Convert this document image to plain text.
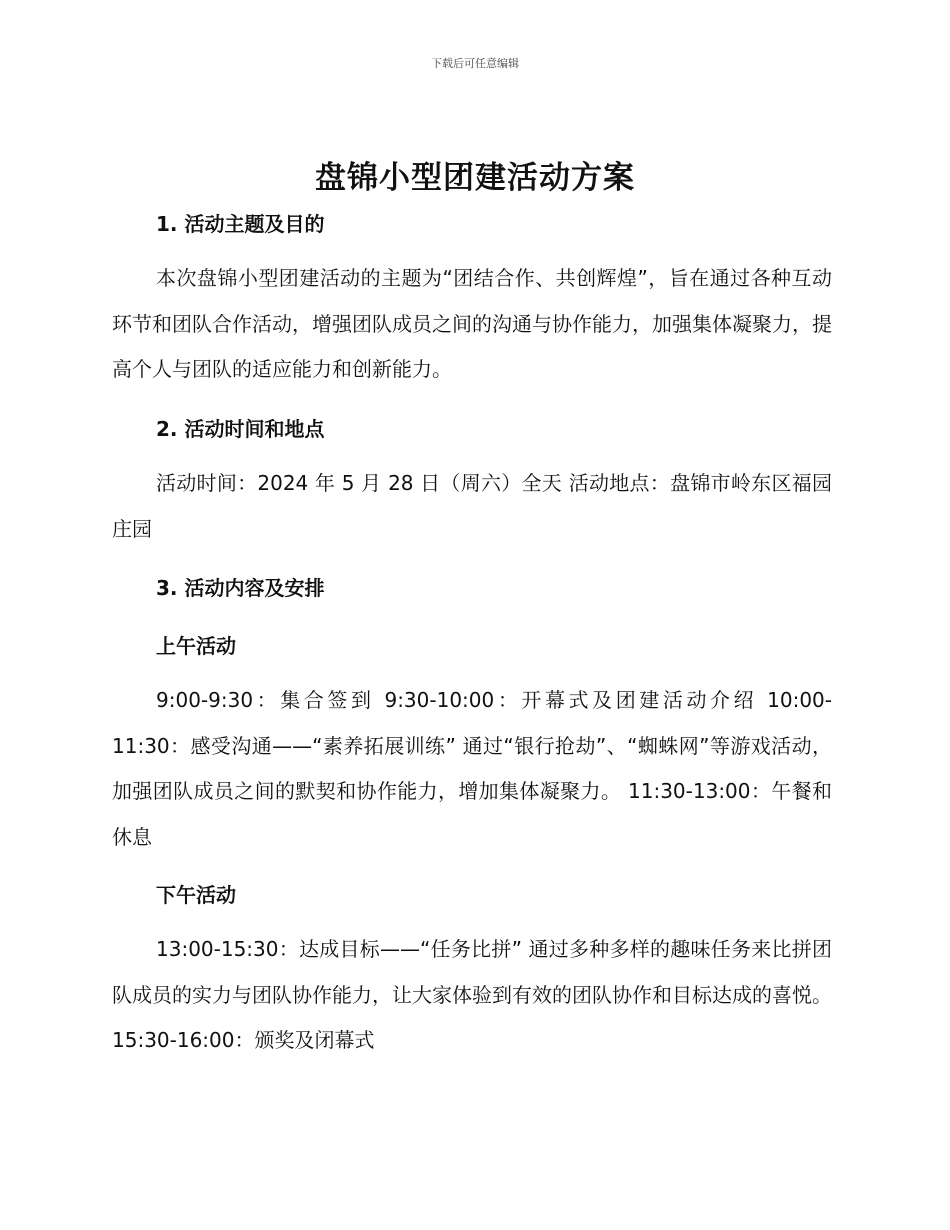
下载后可任意编辑
盘锦小型团建活动方案
1. 活动主题及目的

本次盘锦小型团建活动的主题为“团结合作、共创辉煌”，旨在通过各种互动环节和团队合作活动，增强团队成员之间的沟通与协作能力，加强集体凝聚力，提高个人与团队的适应能力和创新能力。

2. 活动时间和地点

活动时间：2024 年 5 月 28 日（周六）全天 活动地点：盘锦市岭东区福园庄园

3. 活动内容及安排
上午活动

9:00-9:30：集合签到 9:30-10:00：开幕式及团建活动介绍 10:00-11:30：感受沟通——“素养拓展训练” 通过“银行抢劫”、“蜘蛛网”等游戏活动，加强团队成员之间的默契和协作能力，增加集体凝聚力。 11:30-13:00：午餐和休息

下午活动

13:00-15:30：达成目标——“任务比拼” 通过多种多样的趣味任务来比拼团队成员的实力与团队协作能力，让大家体验到有效的团队协作和目标达成的喜悦。 15:30-16:00：颁奖及闭幕式
